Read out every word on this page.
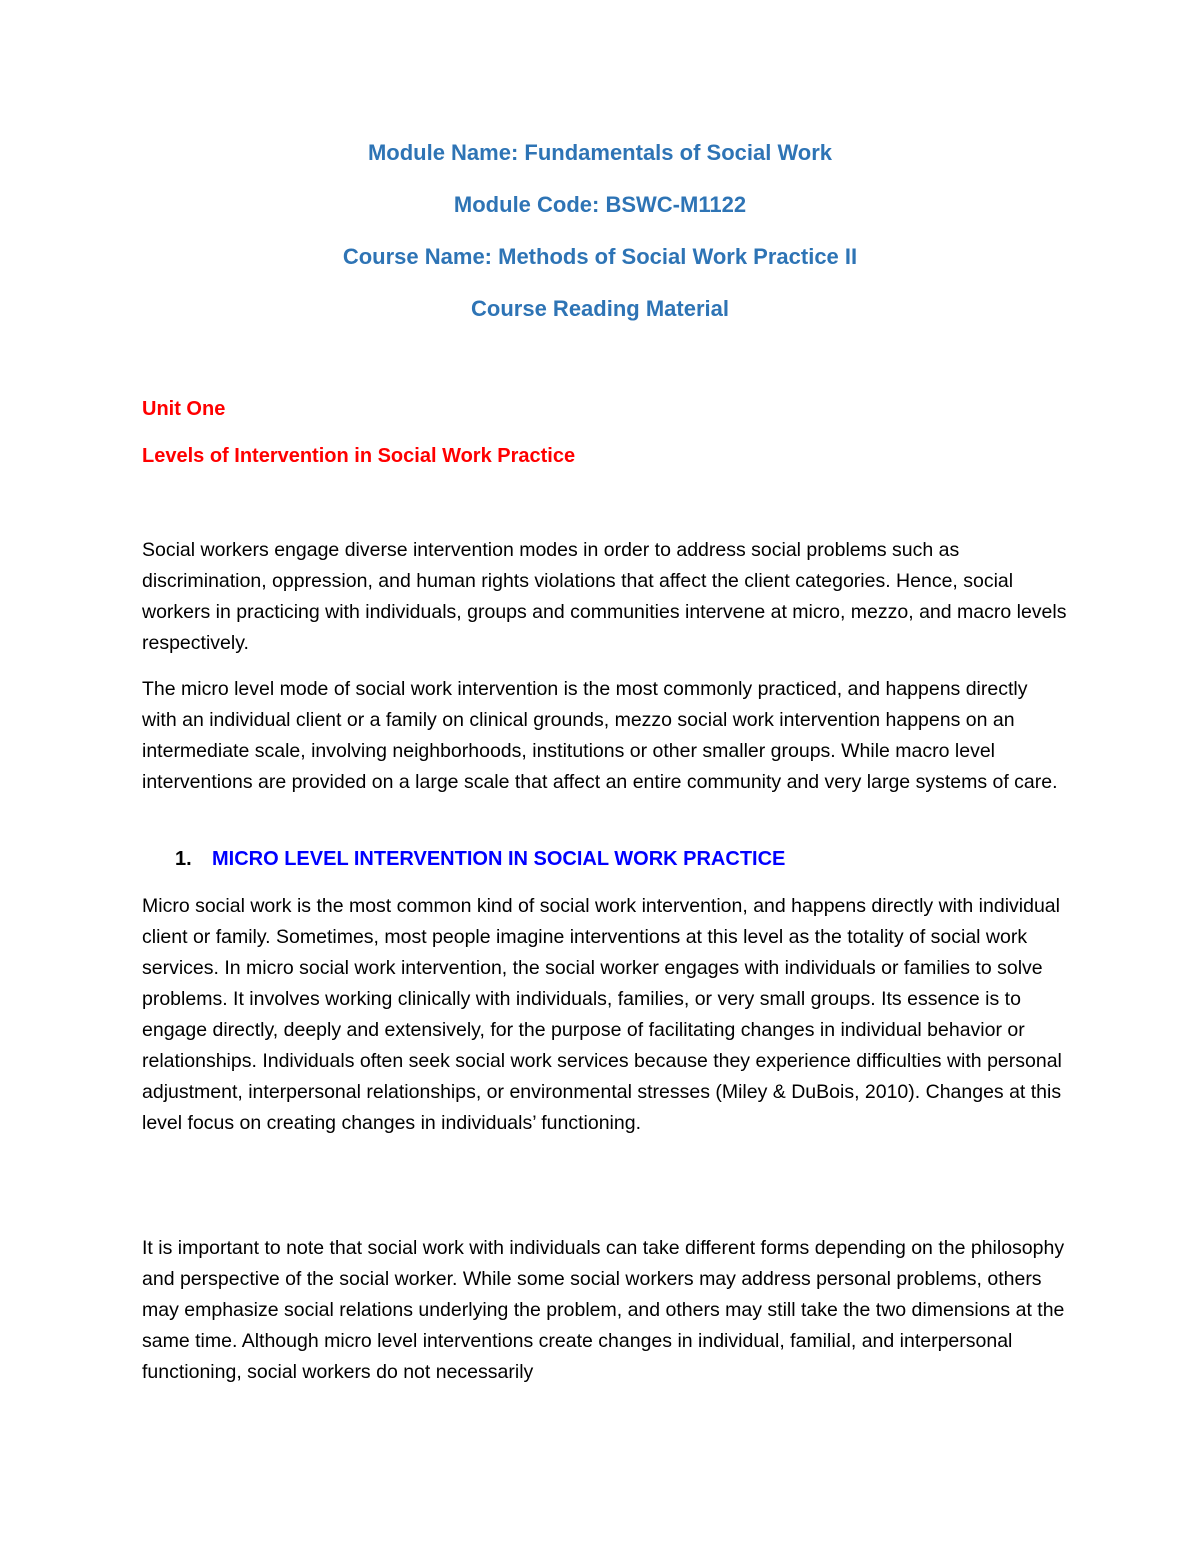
Module Name: Fundamentals of Social Work

Module Code: BSWC-M1122

Course Name: Methods of Social Work Practice II

Course Reading Material

Unit One

Levels of Intervention in Social Work Practice

Social workers engage diverse intervention modes in order to address social problems such as discrimination, oppression, and human rights violations that affect the client categories. Hence, social workers in practicing with individuals, groups and communities intervene at micro, mezzo, and macro levels respectively.

The micro level mode of social work intervention is the most commonly practiced, and happens directly with an individual client or a family on clinical grounds, mezzo social work intervention happens on an intermediate scale, involving neighborhoods, institutions or other smaller groups. While macro level interventions are provided on a large scale that affect an entire community and very large systems of care.

1. MICRO LEVEL INTERVENTION IN SOCIAL WORK PRACTICE

Micro social work is the most common kind of social work intervention, and happens directly with individual client or family. Sometimes, most people imagine interventions at this level as the totality of social work services. In micro social work intervention, the social worker engages with individuals or families to solve problems. It involves working clinically with individuals, families, or very small groups. Its essence is to engage directly, deeply and extensively, for the purpose of facilitating changes in individual behavior or relationships. Individuals often seek social work services because they experience difficulties with personal adjustment, interpersonal relationships, or environmental stresses (Miley & DuBois, 2010). Changes at this level focus on creating changes in individuals’ functioning.

It is important to note that social work with individuals can take different forms depending on the philosophy and perspective of the social worker. While some social workers may address personal problems, others may emphasize social relations underlying the problem, and others may still take the two dimensions at the same time. Although micro level interventions create changes in individual, familial, and interpersonal functioning, social workers do not necessarily
